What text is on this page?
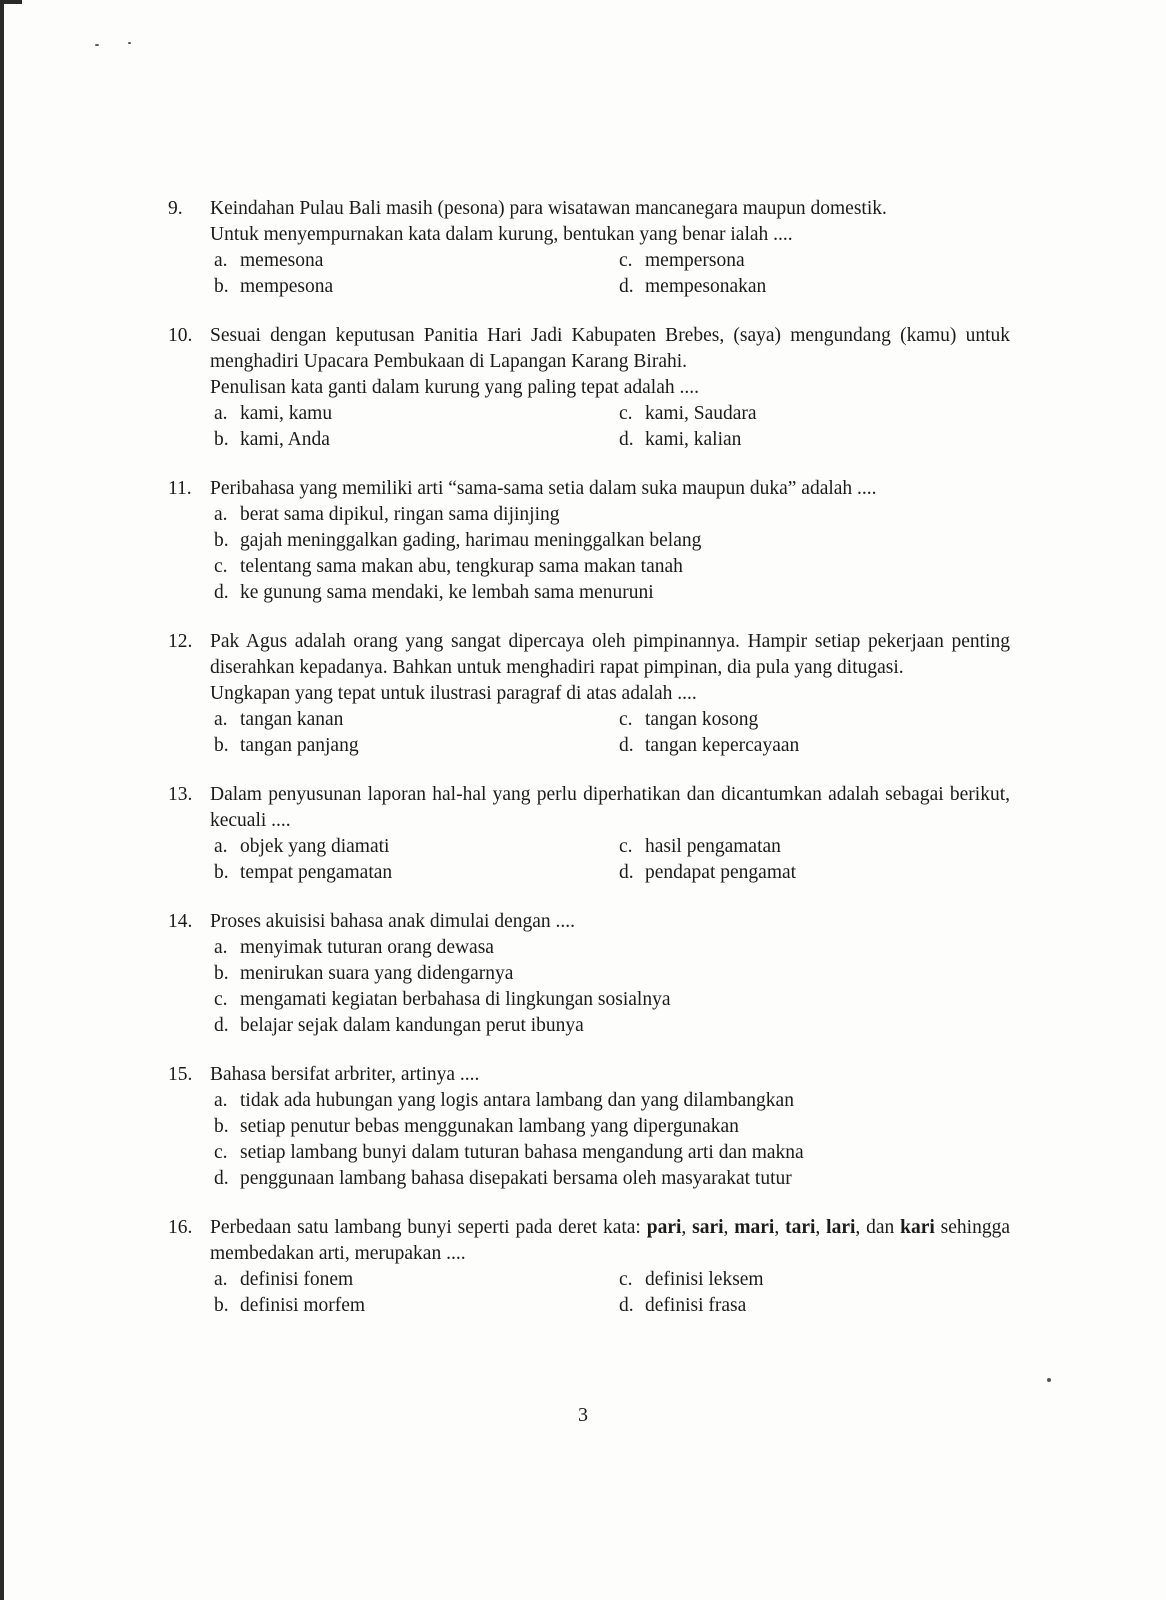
9.	Keindahan Pulau Bali masih (pesona) para wisatawan mancanegara maupun domestik.

Untuk menyempurnakan kata dalam kurung, bentukan yang benar ialah ....

a. memesona	c. mempersona
b. mempesona	d. mempesonakan
10. Sesuai dengan keputusan Panitia Hari Jadi Kabupaten Brebes, (saya) mengundang (kamu) untuk menghadiri Upacara Pembukaan di Lapangan Karang Birahi.

Penulisan kata ganti dalam kurung yang paling tepat adalah ....

a. kami, kamu	c. kami, Saudara
b. kami, Anda	d. kami, kalian
11. Peribahasa yang memiliki arti “sama-sama setia dalam suka maupun duka” adalah ....

a. berat sama dipikul, ringan sama dijinjing
b. gajah meninggalkan gading, harimau meninggalkan belang
c. telentang sama makan abu, tengkurap sama makan tanah
d. ke gunung sama mendaki, ke lembah sama menuruni
12. Pak Agus adalah orang yang sangat dipercaya oleh pimpinannya. Hampir setiap pekerjaan penting diserahkan kepadanya. Bahkan untuk menghadiri rapat pimpinan, dia pula yang ditugasi.

Ungkapan yang tepat untuk ilustrasi paragraf di atas adalah ....

a. tangan kanan	c. tangan kosong
b. tangan panjang	d. tangan kepercayaan
13. Dalam penyusunan laporan hal-hal yang perlu diperhatikan dan dicantumkan adalah sebagai berikut, kecuali ....

a. objek yang diamati	c. hasil pengamatan
b. tempat pengamatan	d. pendapat pengamat
14. Proses akuisisi bahasa anak dimulai dengan ....

a. menyimak tuturan orang dewasa
b. menirukan suara yang didengarnya
c. mengamati kegiatan berbahasa di lingkungan sosialnya
d. belajar sejak dalam kandungan perut ibunya
15. Bahasa bersifat arbriter, artinya ....

a. tidak ada hubungan yang logis antara lambang dan yang dilambangkan
b. setiap penutur bebas menggunakan lambang yang dipergunakan
c. setiap lambang bunyi dalam tuturan bahasa mengandung arti dan makna
d. penggunaan lambang bahasa disepakati bersama oleh masyarakat tutur
16. Perbedaan satu lambang bunyi seperti pada deret kata: pari, sari, mari, tari, lari, dan kari sehingga membedakan arti, merupakan ....

a. definisi fonem	c. definisi leksem
b. definisi morfem	d. definisi frasa
3
